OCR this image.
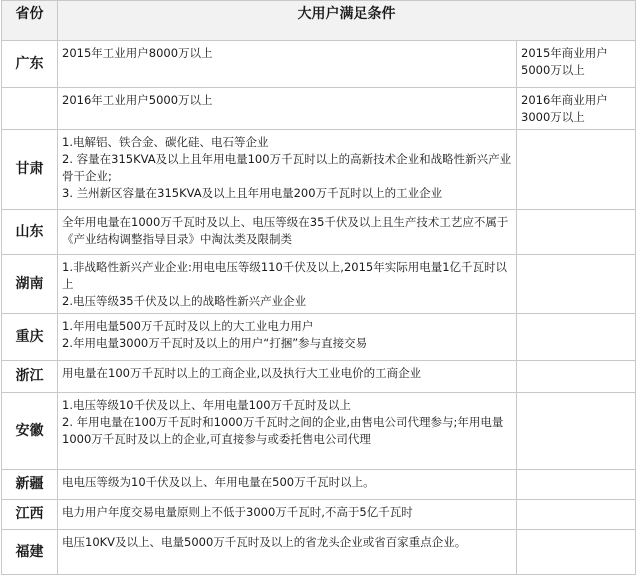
省份	大用户满足条件	
广东	2015年工业用户8000万以上	2015年商业用户
5000万以上

	2016年工业用户5000万以上	2016年商业用户
3000万以上

甘肃	1.电解铝、铁合金、碳化硅、电石等企业
2. 容量在315KVA及以上且年用电量100万千瓦时以上的高新技术企业和战略性新兴产业骨干企业;
3. 兰州新区容量在315KVA及以上且年用电量200万千瓦时以上的工业企业	

山东	全年用电量在1000万千瓦时及以上、电压等级在35千伏及以上且生产技术工艺应不属于《产业结构调整指导目录》中淘汰类及限制类	

湖南	1.非战略性新兴产业企业:用电电压等级110千伏及以上,2015年实际用电量1亿千瓦时以上
2.电压等级35千伏及以上的战略性新兴产业企业	

重庆	1.年用电量500万千瓦时及以上的大工业电力用户
2.年用电量3000万千瓦时及以上的用户“打捆”参与直接交易	

浙江	用电量在100万千瓦时以上的工商企业,以及执行大工业电价的工商企业	

安徽	1.电压等级10千伏及以上、年用电量100万千瓦时及以上
2. 年用电量在100万千瓦时和1000万千瓦时之间的企业,由售电公司代理参与;年用电量1000万千瓦时及以上的企业,可直接参与或委托售电公司代理	

新疆	电电压等级为10千伏及以上、年用电量在500万千瓦时以上。	

江西	电力用户年度交易电量原则上不低于3000万千瓦时,不高于5亿千瓦时	

福建	电压10KV及以上、电量5000万千瓦时及以上的省龙头企业或省百家重点企业。	
